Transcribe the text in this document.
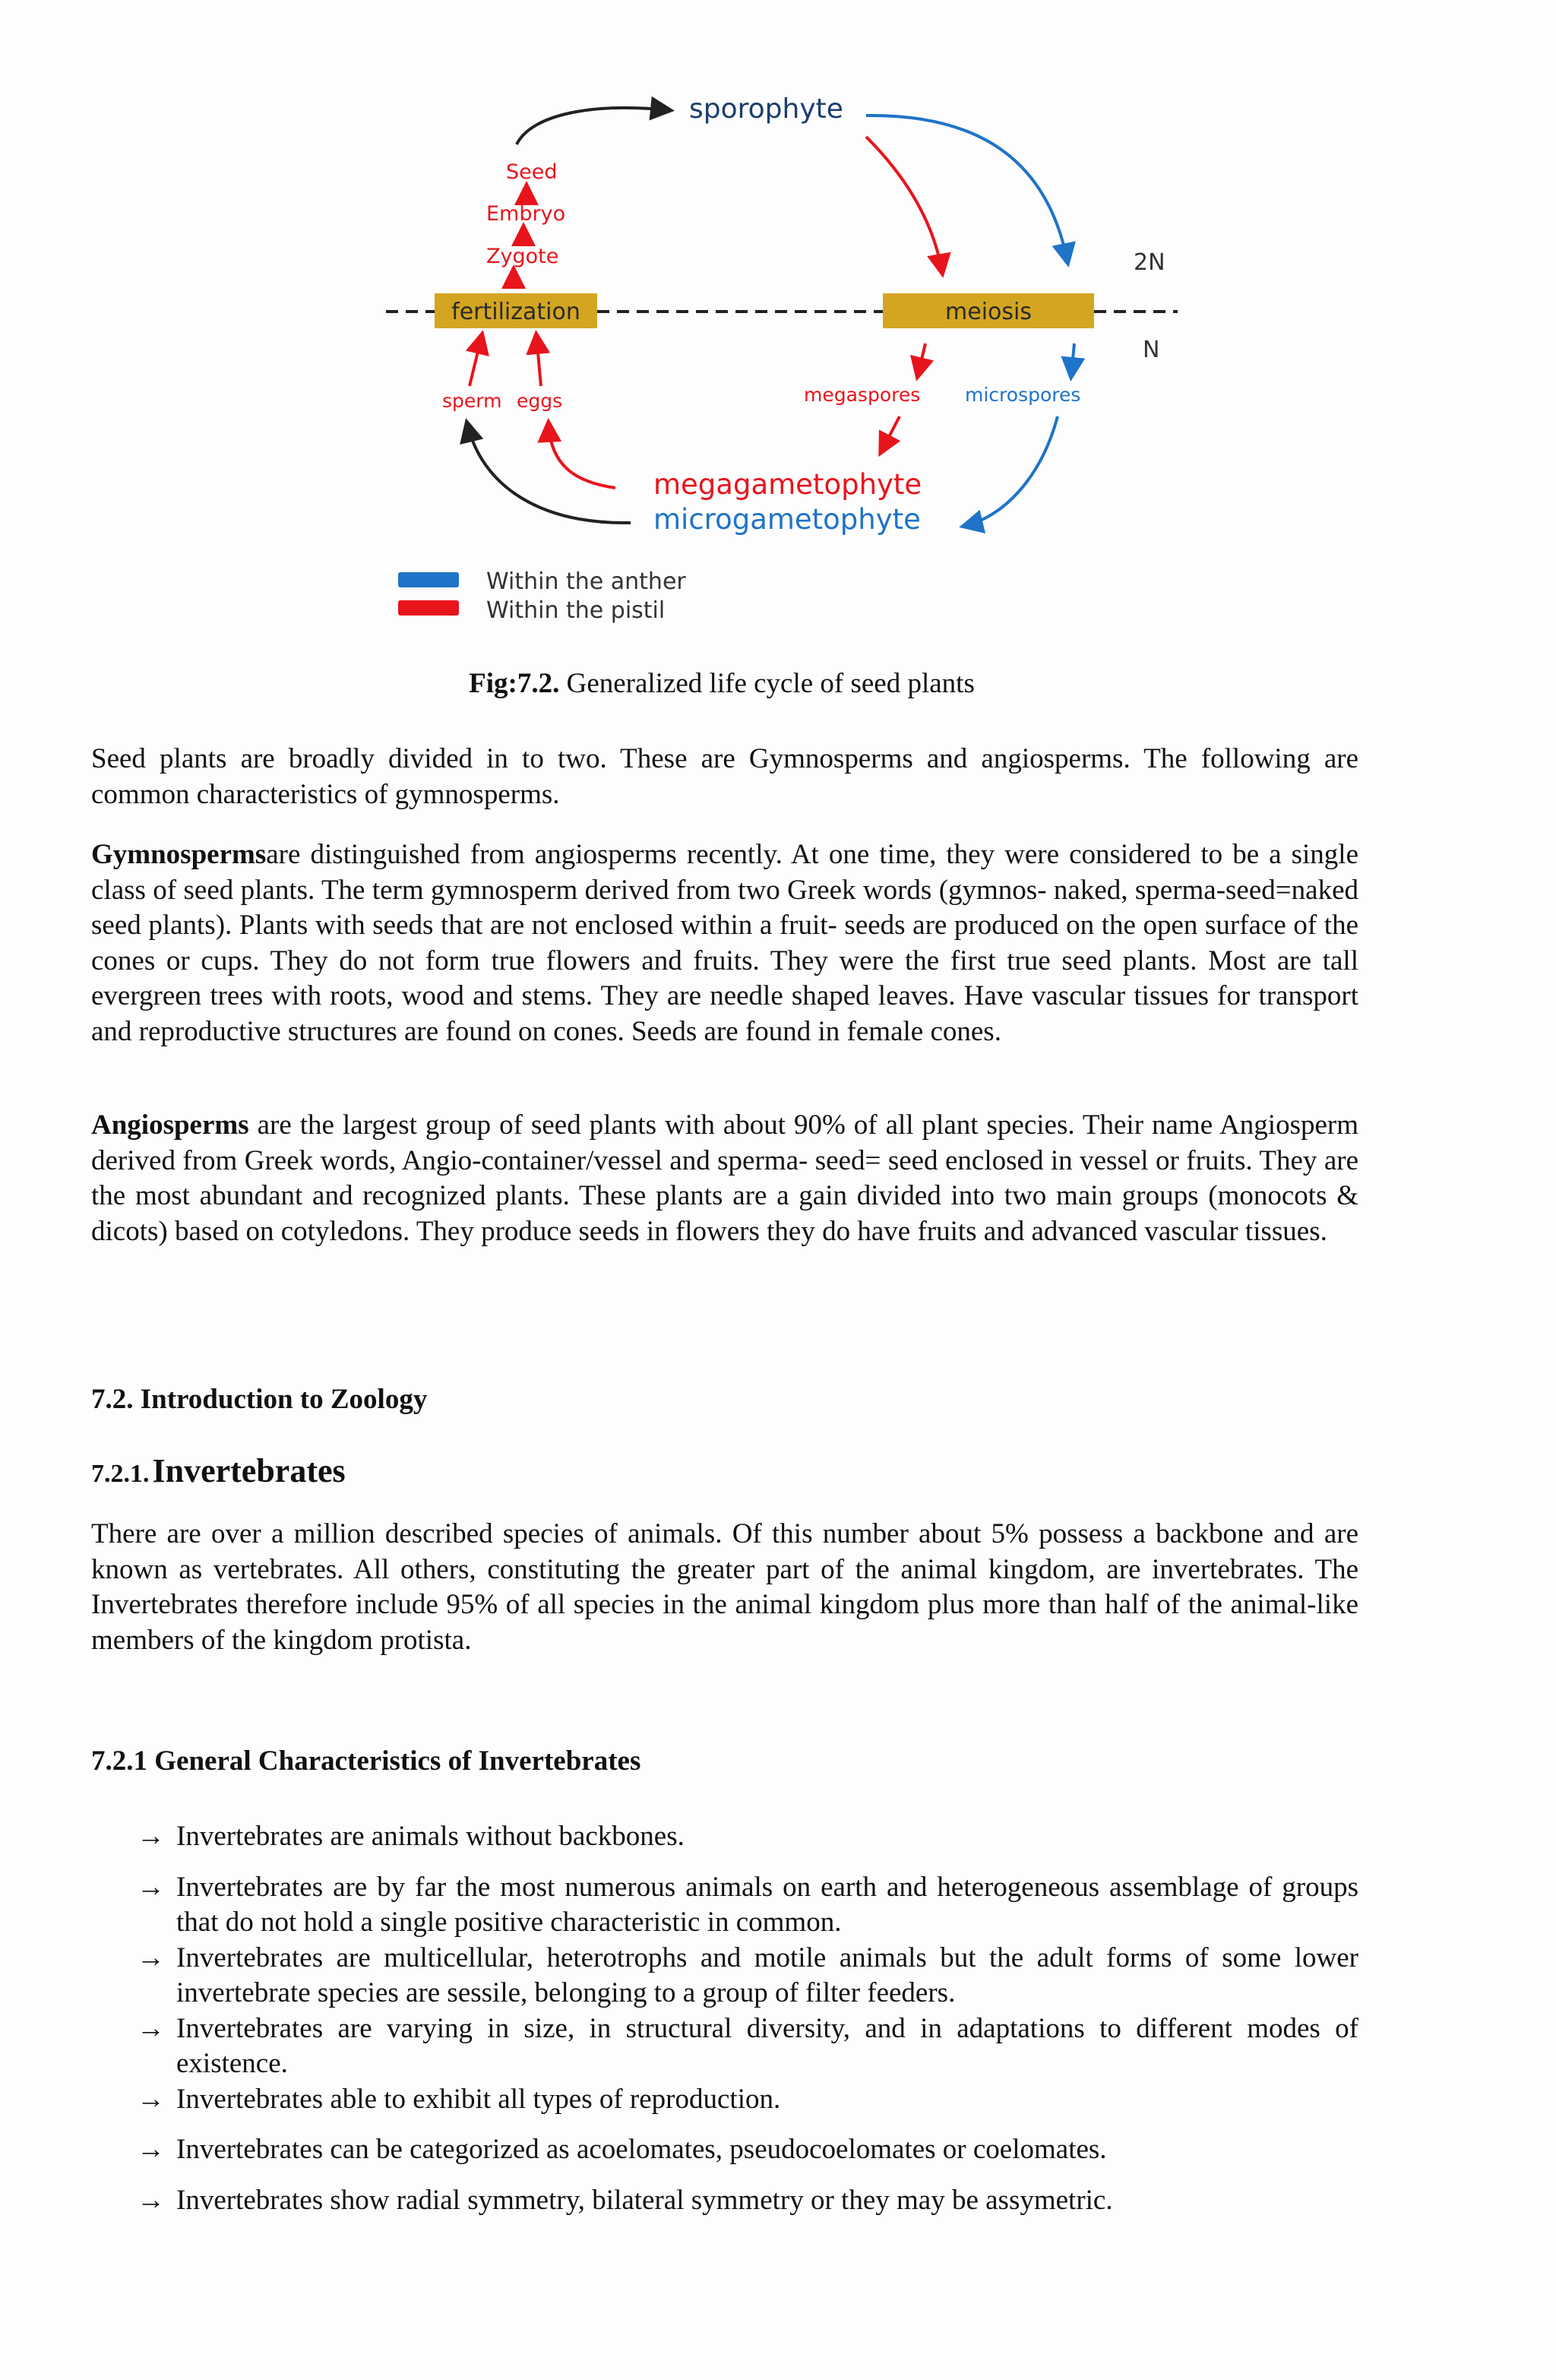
sporophyte
Seed
Embryo
Zygote
fertilization	meiosis
2N
N
megaspores microspores
megagametophyte
microgametophyte
sperm eggs
Within the anther
Within the pistil
Fig:7.2. Generalized life cycle of seed plants

Seed plants are broadly divided in to two. These are Gymnosperms and angiosperms. The following are common characteristics of gymnosperms.

Gymnospermsare distinguished from angiosperms recently. At one time, they were considered to be a single class of seed plants. The term gymnosperm derived from two Greek words (gymnos- naked, sperma-seed=naked seed plants). Plants with seeds that are not enclosed within a fruit- seeds are produced on the open surface of the cones or cups. They do not form true flowers and fruits. They were the first true seed plants. Most are tall evergreen trees with roots, wood and stems. They are needle shaped leaves. Have vascular tissues for transport and reproductive structures are found on cones. Seeds are found in female cones.

Angiosperms are the largest group of seed plants with about 90% of all plant species. Their name Angiosperm derived from Greek words, Angio-container/vessel and sperma- seed= seed enclosed in vessel or fruits. They are the most abundant and recognized plants. These plants are a gain divided into two main groups (monocots & dicots) based on cotyledons. They produce seeds in flowers they do have fruits and advanced vascular tissues.

7.2. Introduction to Zoology
7.2.1. Invertebrates

There are over a million described species of animals. Of this number about 5% possess a backbone and are known as vertebrates. All others, constituting the greater part of the animal kingdom, are invertebrates. The Invertebrates therefore include 95% of all species in the animal kingdom plus more than half of the animal-like members of the kingdom protista.

7.2.1 General Characteristics of Invertebrates
→ Invertebrates are animals without backbones.
→ Invertebrates are by far the most numerous animals on earth and heterogeneous assemblage of groups that do not hold a single positive characteristic in common.
→ Invertebrates are multicellular, heterotrophs and motile animals but the adult forms of some lower invertebrate species are sessile, belonging to a group of filter feeders.
→ Invertebrates are varying in size, in structural diversity, and in adaptations to different modes of existence.
→ Invertebrates able to exhibit all types of reproduction.
→ Invertebrates can be categorized as acoelomates, pseudocoelomates or coelomates.
→ Invertebrates show radial symmetry, bilateral symmetry or they may be assymetric.
